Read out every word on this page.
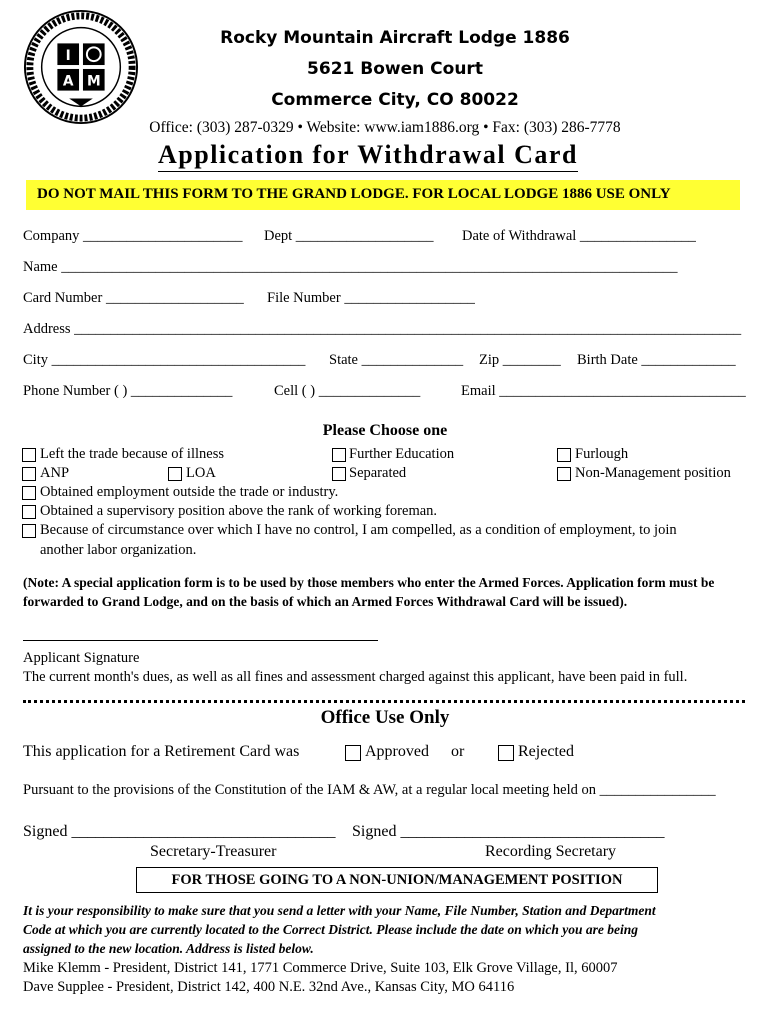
I
A M
Rocky Mountain Aircraft Lodge 1886
5621 Bowen Court
Commerce City, CO 80022
Office: (303) 287-0329 • Website: www.iam1886.org • Fax: (303) 286-7778
Application for Withdrawal Card
DO NOT MAIL THIS FORM TO THE GRAND LODGE. FOR LOCAL LODGE 1886 USE ONLY
Company ______________________ Dept ___________________ Date of Withdrawal ________________
Name _____________________________________________________________________________________
Card Number ___________________ File Number __________________
Address ____________________________________________________________________________________________
City ___________________________________ State ______________ Zip ________ Birth Date _____________
Phone Number ( ) ______________	Cell ( ) ______________	Email __________________________________
Please Choose one
Left the trade because of illness	Further Education	Furlough
ANP	LOA	Separated	Non-Management position
Obtained employment outside the trade or industry.
Obtained a supervisory position above the rank of working foreman.
Because of circumstance over which I have no control, I am compelled, as a condition of employment, to join
another labor organization.
(Note: A special application form is to be used by those members who enter the Armed Forces. Application form must be
forwarded to Grand Lodge, and on the basis of which an Armed Forces Withdrawal Card will be issued).
Applicant Signature
The current month's dues, as well as all fines and assessment charged against this applicant, have been paid in full.
Office Use Only
This application for a Retirement Card was	Approved or	Rejected
Pursuant to the provisions of the Constitution of the IAM & AW, at a regular local meeting held on ________________
Signed _________________________________ Signed _________________________________
Secretary-Treasurer	Recording Secretary
FOR THOSE GOING TO A NON-UNION/MANAGEMENT POSITION
It is your responsibility to make sure that you send a letter with your Name, File Number, Station and Department
Code at which you are currently located to the Correct District. Please include the date on which you are being
assigned to the new location. Address is listed below.
Mike Klemm - President, District 141, 1771 Commerce Drive, Suite 103, Elk Grove Village, Il, 60007
Dave Supplee - President, District 142, 400 N.E. 32nd Ave., Kansas City, MO 64116
